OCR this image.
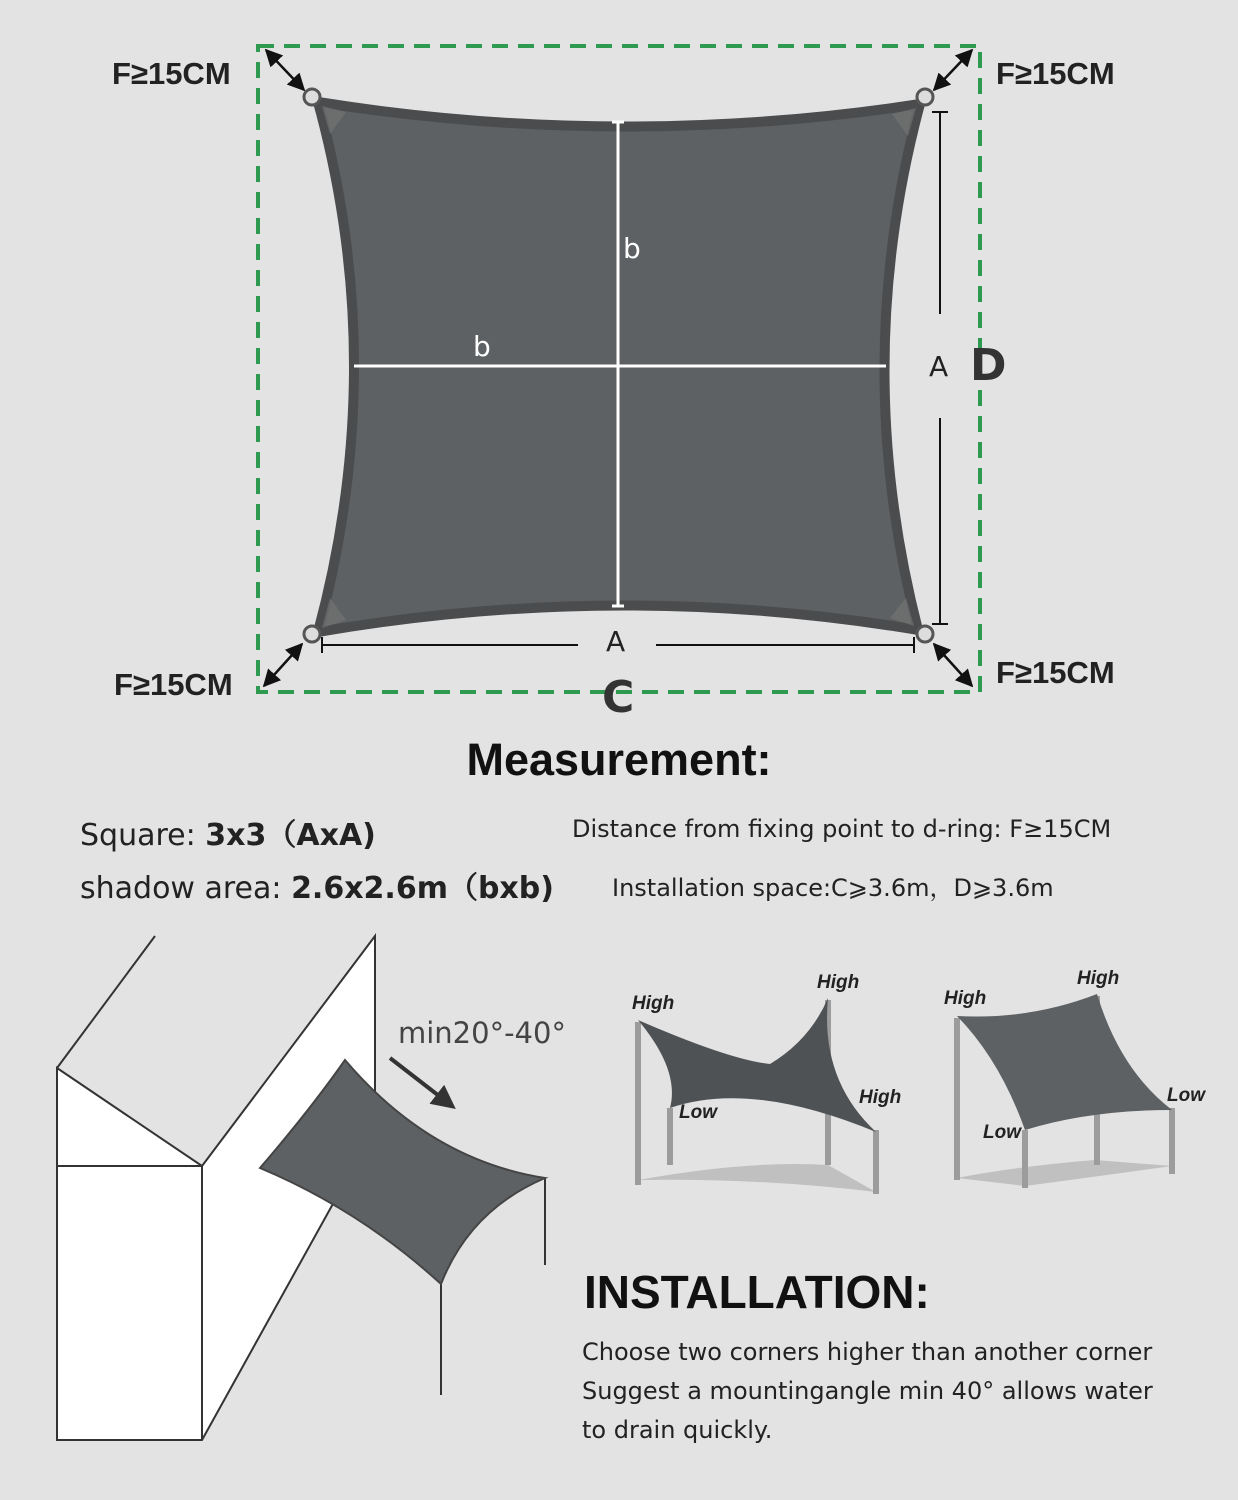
F≥15CM	F≥15CM
F≥15CM	F≥15CM
b
b
A
A D
C
Measurement:
Square: 3x3（AxA)
shadow area: 2.6x2.6m（bxb)
Distance from fixing point to d-ring: F≥15CM
Installation space:C⩾3.6m，D⩾3.6m
min20°-40°
High
High
High
Low
High
High
Low
Low
INSTALLATION:
Choose two corners higher than another corner
Suggest a mountingangle min 40° allows water
to drain quickly.
